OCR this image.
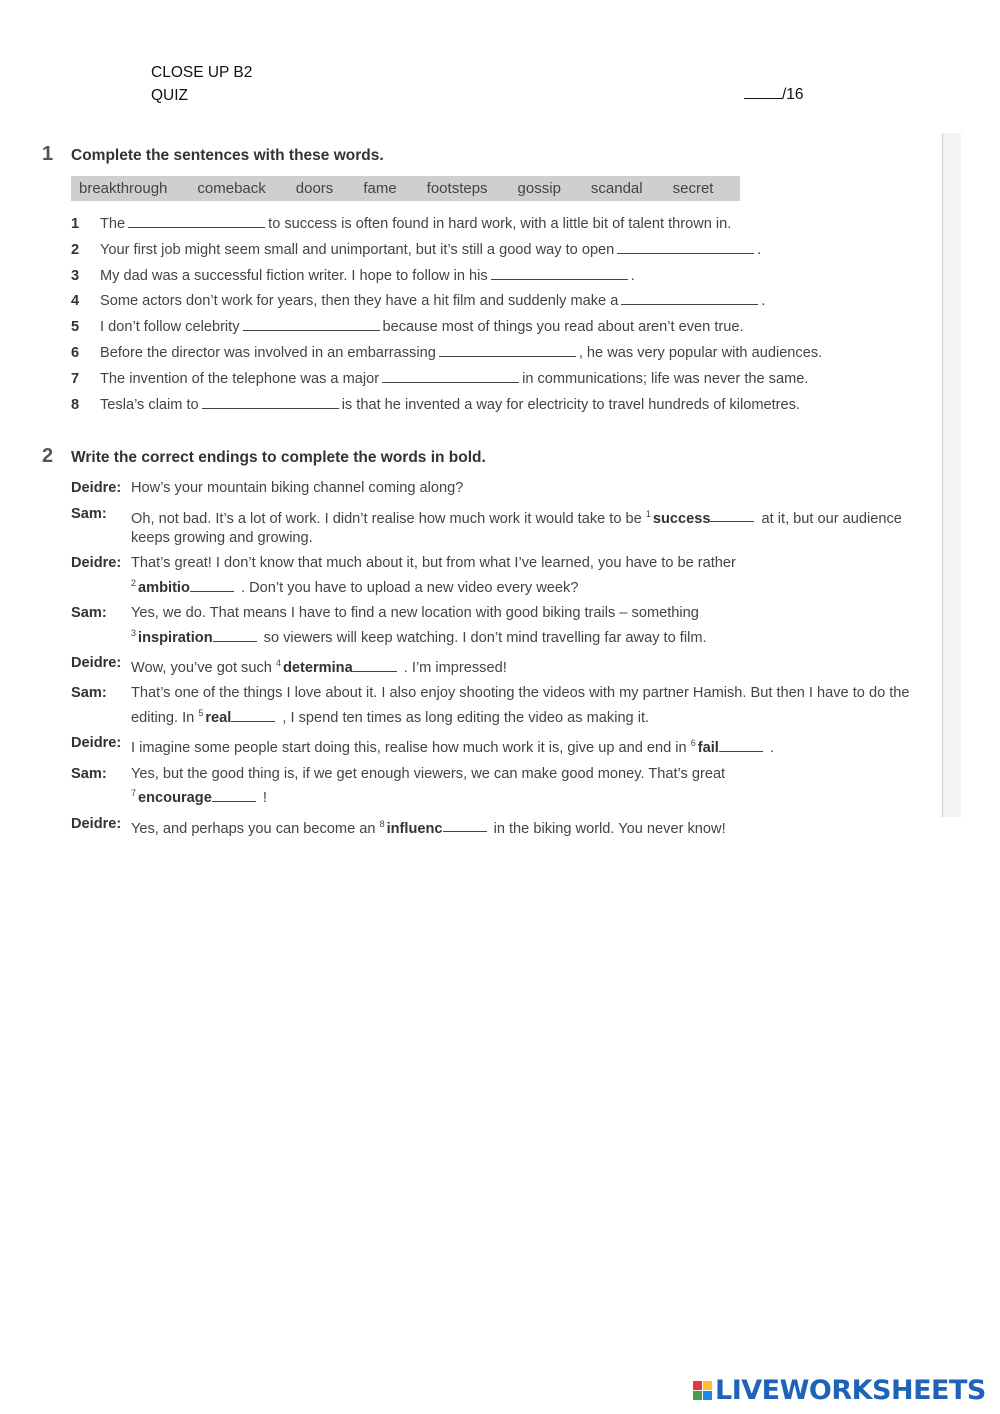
CLOSE UP B2
QUIZ	/16
1 Complete the sentences with these words.
breakthrough comeback doors fame footsteps gossip scandal secret
1 The	to success is often found in hard work, with a little bit of talent thrown in.
2 Your first job might seem small and unimportant, but it’s still a good way to open	.
3 My dad was a successful fiction writer. I hope to follow in his	.
4 Some actors don’t work for years, then they have a hit film and suddenly make a	.
5 I don’t follow celebrity	because most of things you read about aren’t even true.
6 Before the director was involved in an embarrassing	, he was very popular with audiences.
7 The invention of the telephone was a major	in communications; life was never the same.
8 Tesla’s claim to	is that he invented a way for electricity to travel hundreds of kilometres.
2 Write the correct endings to complete the words in bold.
Deidre: How’s your mountain biking channel coming along?
Sam:	Oh, not bad. It’s a lot of work. I didn’t realise how much work it would take to be $^1$ success	at it, but our audience keeps growing and growing.
Deidre: That’s great! I don’t know that much about it, but from what I’ve learned, you have to be rather
$^2$ ambitio	. Don’t you have to upload a new video every week?
Sam:	Yes, we do. That means I have to find a new location with good biking trails – something
$^3$ inspiration	so viewers will keep watching. I don’t mind travelling far away to film.
Deidre: Wow, you’ve got such $^4$ determina	. I’m impressed!
Sam:	That’s one of the things I love about it. I also enjoy shooting the videos with my partner Hamish. But then I have to do the editing. In $^5$ real	, I spend ten times as long editing the video as making it.
Deidre: I imagine some people start doing this, realise how much work it is, give up and end in $^6$ fail	.
Sam:	Yes, but the good thing is, if we get enough viewers, we can make good money. That’s great
$^7$ encourage	!
Deidre: Yes, and perhaps you can become an $^8$ influenc	in the biking world. You never know!
LIVEWORKSHEETS
